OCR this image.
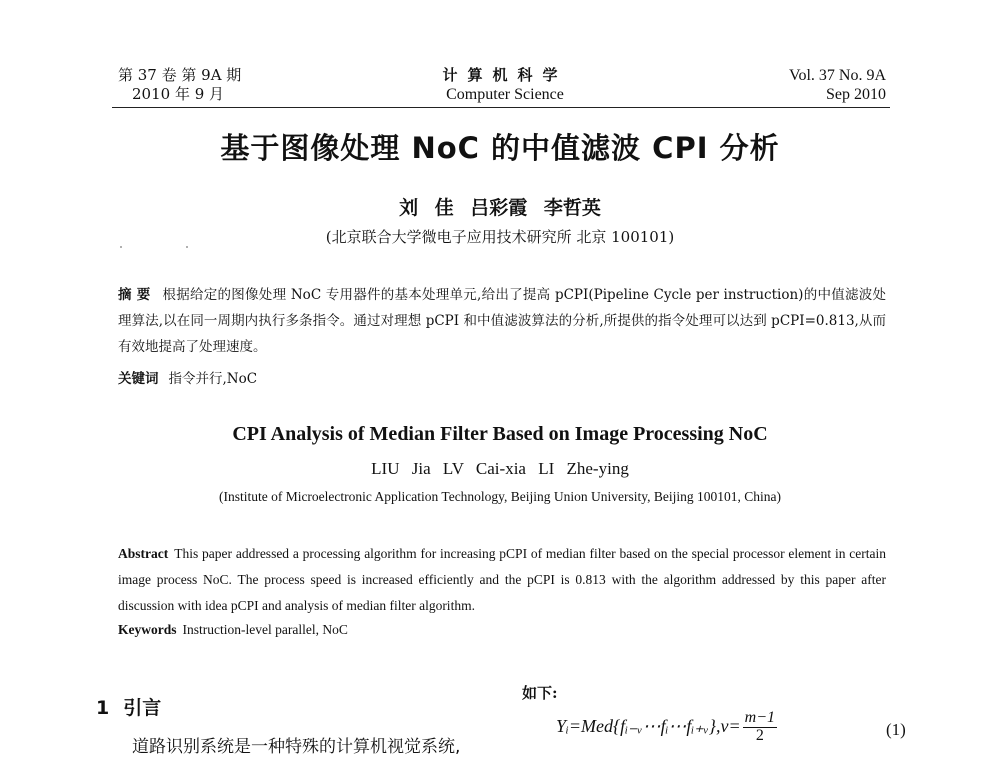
第 37 卷 第 9A 期
2010 年 9 月
计算机科学
Computer Science
Vol. 37 No. 9A
Sep 2010
基于图像处理 NoC 的中值滤波 CPI 分析
刘 佳 吕彩霞 李哲英
(北京联合大学微电子应用技术研究所 北京 100101)
摘 要 根据给定的图像处理 NoC 专用器件的基本处理单元,给出了提高 pCPI(Pipeline Cycle per instruction)的中值滤波处理算法,以在同一周期内执行多条指令。通过对理想 pCPI 和中值滤波算法的分析,所提供的指令处理可以达到 pCPI=0.813,从而有效地提高了处理速度。
关键词 指令并行,NoC
CPI Analysis of Median Filter Based on Image Processing NoC
LIU Jia LV Cai-xia LI Zhe-ying
(Institute of Microelectronic Application Technology, Beijing Union University, Beijing 100101, China)
Abstract This paper addressed a processing algorithm for increasing pCPI of median filter based on the special processor element in certain image process NoC. The process speed is increased efficiently and the pCPI is 0.813 with the algorithm addressed by this paper after discussion with idea pCPI and analysis of median filter algorithm.
Keywords Instruction-level parallel, NoC
1 引言
道路识别系统是一种特殊的计算机视觉系统,
如下:
Yᵢ=Med{fᵢ₋ᵥ⋯fᵢ⋯fᵢ₊ᵥ},v= $\frac{m-1}{2}$	(1)
